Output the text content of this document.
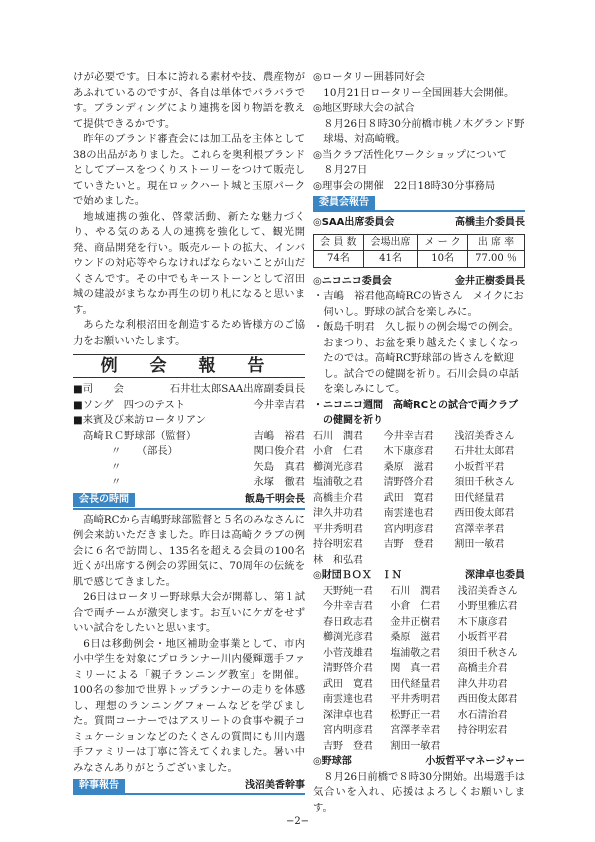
けが必要です。日本に誇れる素材や技、農産物があふれているのですが、各自は単体でバラバラです。ブランディングにより連携を図り物語を教えて提供できるかです。

昨年のブランド審査会には加工品を主体として38の出品がありました。これらを奥利根ブランドとしてブースをつくりストーリーをつけて販売していきたいと。現在ロックハート城と玉原パークで始めました。

地域連携の強化、啓蒙活動、新たな魅力づくり、やる気のある人の連携を強化して、観光開発、商品開発を行い。販売ルートの拡大、インバウンドの対応等やらなければならないことが山だくさんです。その中でもキーストーンとして沼田城の建設がまちなか再生の切り札になると思います。

あらたな利根沼田を創造するため皆様方のご協力をお願いいたします。

例 会 報 告
■司　　会	石井壮太郎SAA出席副委員長
■ソング　四つのテスト	今井幸吉君
■来賓及び来訪ロータリアン
高崎ＲＣ野球部（監督）	吉嶋　裕君
〃　　（部長）	関口俊介君
〃	矢島　真君
〃	永塚　徹君
会長の時間	飯島千明会長

高崎RCから吉嶋野球部監督と５名のみなさんに例会来訪いただきました。昨日は高崎クラブの例会に６名で訪問し、135名を超える会員の100名近くが出席する例会の雰囲気に、70周年の伝統を肌で感じてきました。

26日はロータリー野球県大会が開幕し、第１試合で両チームが激突します。お互いにケガをせずいい試合をしたいと思います。

6日は移動例会・地区補助金事業として、市内小中学生を対象にプロランナー川内優輝選手ファミリーによる「親子ランニング教室」を開催。100名の参加で世界トップランナーの走りを体感し、理想のランニングフォームなどを学びました。質問コーナーではアスリートの食事や親子コミュケーションなどのたくさんの質問にも川内選手ファミリーは丁寧に答えてくれました。暑い中みなさんありがとうございました。

幹事報告	浅沼美香幹事
◎ロータリー囲碁同好会
10月21日ロータリー全国囲碁大会開催。
◎地区野球大会の試合
８月26日８時30分前橋市桃ノ木グランド野球場、対高崎戦。
◎当クラブ活性化ワークショップについて
８月27日
◎理事会の開催　22日18時30分事務局
委員会報告
◎SAA出席委員会	高橋圭介委員長
会 員 数	会場出席	メ ー ク	出 席 率
74名	41名	10名	77.00 ％
◎ニコニコ委員会	金井正樹委員長
・吉嶋　裕君他高崎RCの皆さん　メイクにお伺いし。野球の試合を楽しみに。
・飯島千明君　久し振りの例会場での例会。おまつり、お盆を乗り越えたくましくなったのでは。高崎RC野球部の皆さんを歓迎し。試合での健闘を祈り。石川会員の卓話を楽しみにして。
・ニコニコ週間　高崎RCとの試合で両クラブの健闘を祈り
石川　潤君	今井幸吉君	浅沼美香さん
小倉　仁君	木下康彦君	石井壮太郎君
櫛渕光彦君	桑原　滋君	小坂哲平君
塩浦敬之君	清野啓介君	須田千秋さん
高橋圭介君	武田　寛君	田代経量君
津久井功君	南雲達也君	西田俊太郎君
平井秀明君	宮内明彦君	宮澤幸孝君
持谷明宏君	吉野　登君	割田一敏君
林　和弘君
◎財団ＢＯＸ　ＩＮ	深津卓也委員
天野純一君	石川　潤君	浅沼美香さん
今井幸吉君	小倉　仁君	小野里雅広君
春日政志君	金井正樹君	木下康彦君
櫛渕光彦君	桑原　滋君	小坂哲平君
小菅茂雄君	塩浦敬之君	須田千秋さん
清野啓介君	関　真一君	高橋圭介君
武田　寛君	田代経量君	津久井功君
南雲達也君	平井秀明君	西田俊太郎君
深津卓也君	松野正一君	水石清治君
宮内明彦君	宮澤孝幸君	持谷明宏君
吉野　登君	割田一敏君
◎野球部	小坂哲平マネージャー

８月26日前橋で８時30分開始。出場選手は気合いを入れ、応援はよろしくお願いします。

−2−
